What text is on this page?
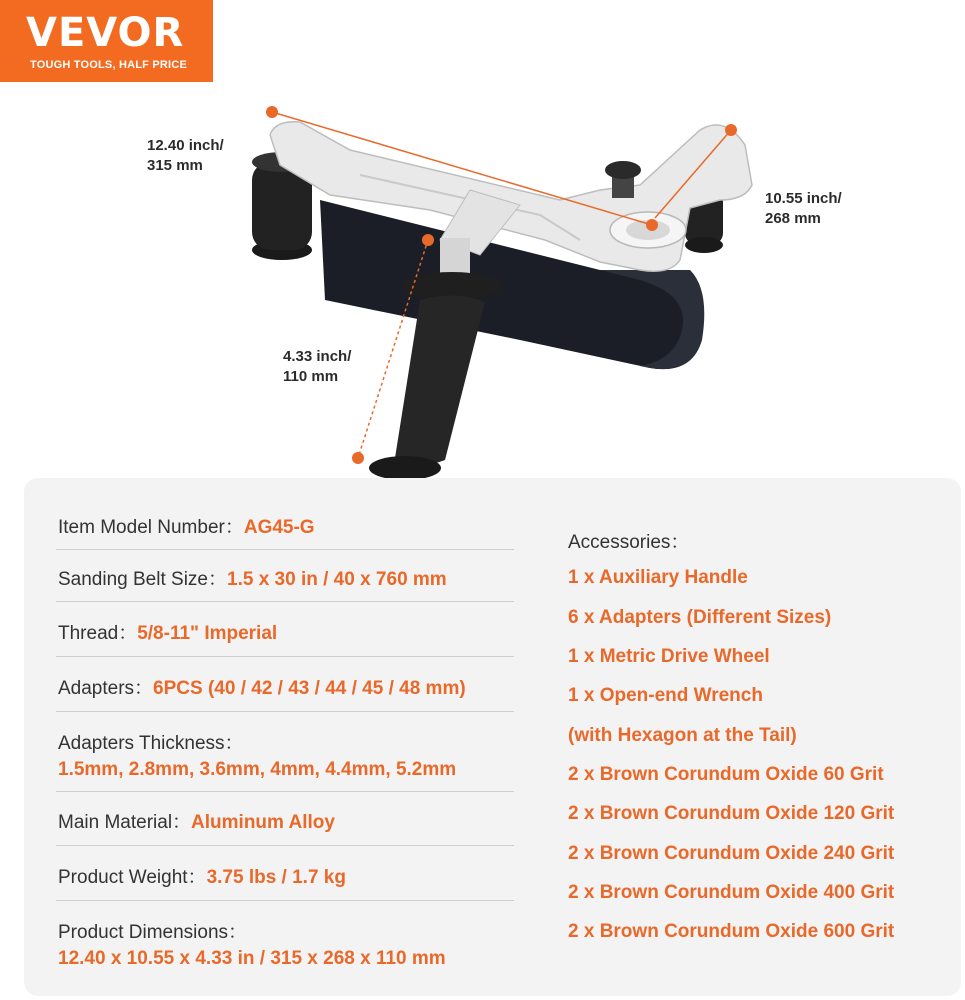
VEVOR
TOUGH TOOLS, HALF PRICE
12.40 inch/
315 mm
10.55 inch/
268 mm
4.33 inch/
110 mm
Item Model Number：AG45-G
Sanding Belt Size：1.5 x 30 in / 40 x 760 mm
Thread：5/8-11" Imperial
Adapters：6PCS (40 / 42 / 43 / 44 / 45 / 48 mm)
Adapters Thickness：
1.5mm, 2.8mm, 3.6mm, 4mm, 4.4mm, 5.2mm
Main Material：Aluminum Alloy
Product Weight：3.75 lbs / 1.7 kg
Product Dimensions：
12.40 x 10.55 x 4.33 in / 315 x 268 x 110 mm
Accessories：
1 x Auxiliary Handle
6 x Adapters (Different Sizes)
1 x Metric Drive Wheel
1 x Open-end Wrench
(with Hexagon at the Tail)
2 x Brown Corundum Oxide 60 Grit
2 x Brown Corundum Oxide 120 Grit
2 x Brown Corundum Oxide 240 Grit
2 x Brown Corundum Oxide 400 Grit
2 x Brown Corundum Oxide 600 Grit
